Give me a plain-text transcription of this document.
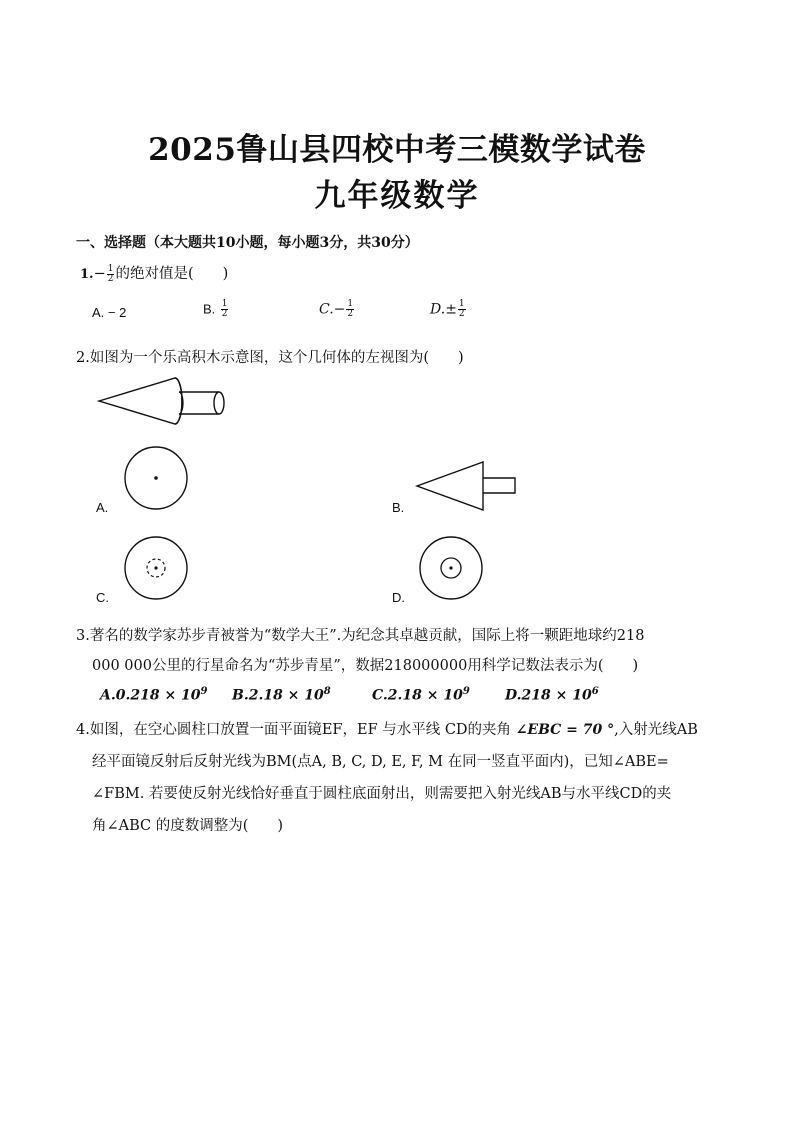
2025鲁山县四校中考三模数学试卷
九年级数学
一、选择题（本大题共10小题，每小题3分，共30分）
$1.- \frac{1}{2}$ 的绝对值是(　　)
A. − 2	B. $\frac{1}{2}$	$C.- \frac{1}{2}$	$D.\pm \frac{1}{2}$
2.如图为一个乐高积木示意图，这个几何体的左视图为(　　)
A.	B.
C.	D.
3.著名的数学家苏步青被誉为“数学大王”.为纪念其卓越贡献，国际上将一颗距地球约218
000 000公里的行星命名为“苏步青星”，数据218000000用科学记数法表示为(　　)
$A.0.218 \times 10^9$ $B.2.18 \times 10^8$	$C.2.18 \times 10^9$	$D.218 \times 10^6$
4.如图，在空心圆柱口放置一面平面镜EF，EF 与水平线 CD的夹角 ∠EBC = 70 °,入射光线AB
经平面镜反射后反射光线为BM(点A, B, C, D, E, F, M 在同一竖直平面内)，已知∠ABE=
∠FBM. 若要使反射光线恰好垂直于圆柱底面射出，则需要把入射光线AB与水平线CD的夹
角∠ABC 的度数调整为(　　)
